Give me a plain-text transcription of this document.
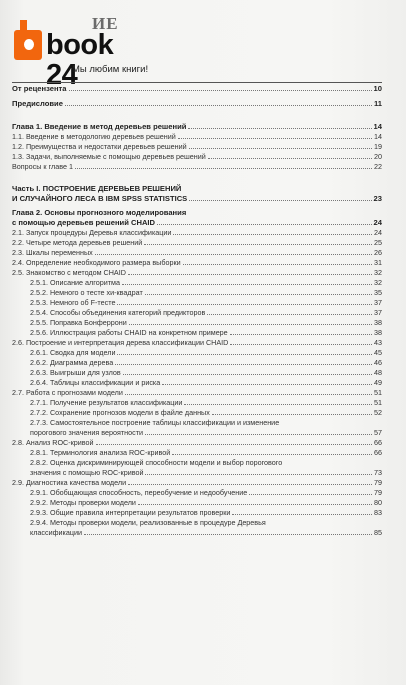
ИЕ
book 24
Мы любим книги!
От рецензента	10
Предисловие	11
Глава 1. Введение в метод деревьев решений	14
1.1. Введение в методологию деревьев решений	14
1.2. Преимущества и недостатки деревьев решений	19
1.3. Задачи, выполняемые с помощью деревьев решений	20
Вопросы к главе 1	22
Часть I. ПОСТРОЕНИЕ ДЕРЕВЬЕВ РЕШЕНИЙ
И СЛУЧАЙНОГО ЛЕСА В IBM SPSS STATISTICS	23
Глава 2. Основы прогнозного моделирования
с помощью деревьев решений CHAID	24
2.1. Запуск процедуры Деревья классификации	24
2.2. Четыре метода деревьев решений	25
2.3. Шкалы переменных	26
2.4. Определение необходимого размера выборки	31
2.5. Знакомство с методом CHAID	32
2.5.1. Описание алгоритма	32
2.5.2. Немного о тесте хи-квадрат	35
2.5.3. Немного об F-тесте	37
2.5.4. Способы объединения категорий предикторов	37
2.5.5. Поправка Бонферрони	38
2.5.6. Иллюстрация работы CHAID на конкретном примере	38
2.6. Построение и интерпретация дерева классификации CHAID	43
2.6.1. Сводка для модели	45
2.6.2. Диаграмма дерева	46
2.6.3. Выигрыши для узлов	48
2.6.4. Таблицы классификации и риска	49
2.7. Работа с прогнозами модели	51
2.7.1. Получение результатов классификации	51
2.7.2. Сохранение прогнозов модели в файле данных	52
2.7.3. Самостоятельное построение таблицы классификации и изменение
порогового значения вероятности	57
2.8. Анализ ROC-кривой	66
2.8.1. Терминология анализа ROC-кривой	66
2.8.2. Оценка дискриминирующей способности модели и выбор порогового
значения с помощью ROC-кривой	73
2.9. Диагностика качества модели	79
2.9.1. Обобщающая способность, переобучение и недообучение	79
2.9.2. Методы проверки модели	80
2.9.3. Общие правила интерпретации результатов проверки	83
2.9.4. Методы проверки модели, реализованные в процедуре Деревья
классификации	85
